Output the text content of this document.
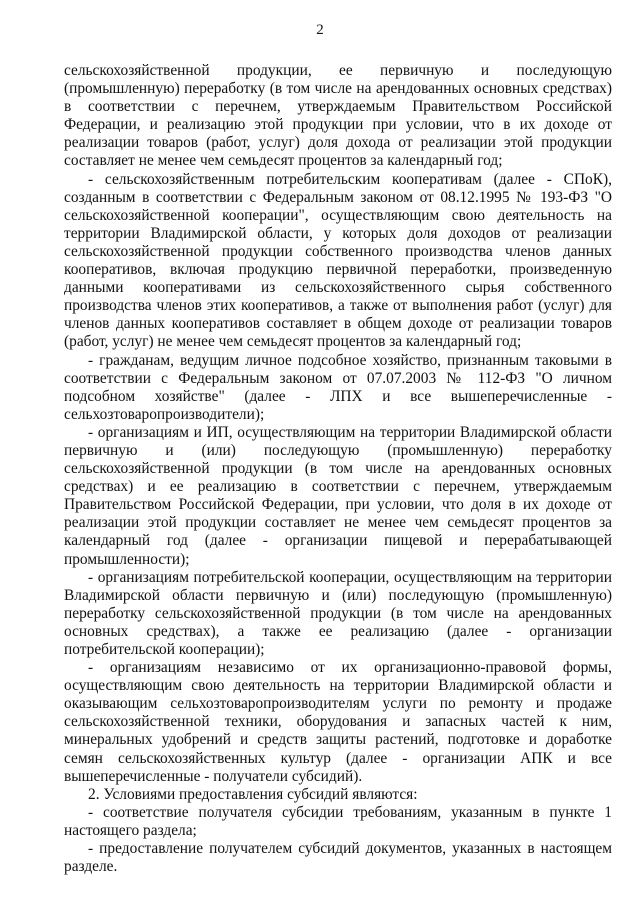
2

сельскохозяйственной продукции, ее первичную и последующую (промышленную) переработку (в том числе на арендованных основных средствах) в соответствии с перечнем, утверждаемым Правительством Российской Федерации, и реализацию этой продукции при условии, что в их доходе от реализации товаров (работ, услуг) доля дохода от реализации этой продукции составляет не менее чем семьдесят процентов за календарный год;

- сельскохозяйственным потребительским кооперативам (далее - СПоК), созданным в соответствии с Федеральным законом от 08.12.1995 № 193-ФЗ "О сельскохозяйственной кооперации", осуществляющим свою деятельность на территории Владимирской области, у которых доля доходов от реализации сельскохозяйственной продукции собственного производства членов данных кооперативов, включая продукцию первичной переработки, произведенную данными кооперативами из сельскохозяйственного сырья собственного производства членов этих кооперативов, а также от выполнения работ (услуг) для членов данных кооперативов составляет в общем доходе от реализации товаров (работ, услуг) не менее чем семьдесят процентов за календарный год;

- гражданам, ведущим личное подсобное хозяйство, признанным таковыми в соответствии с Федеральным законом от 07.07.2003 № 112-ФЗ "О личном подсобном хозяйстве" (далее - ЛПХ и все вышеперечисленные - сельхозтоваропроизводители);

- организациям и ИП, осуществляющим на территории Владимирской области первичную и (или) последующую (промышленную) переработку сельскохозяйственной продукции (в том числе на арендованных основных средствах) и ее реализацию в соответствии с перечнем, утверждаемым Правительством Российской Федерации, при условии, что доля в их доходе от реализации этой продукции составляет не менее чем семьдесят процентов за календарный год (далее - организации пищевой и перерабатывающей промышленности);

- организациям потребительской кооперации, осуществляющим на территории Владимирской области первичную и (или) последующую (промышленную) переработку сельскохозяйственной продукции (в том числе на арендованных основных средствах), а также ее реализацию (далее - организации потребительской кооперации);

- организациям независимо от их организационно-правовой формы, осуществляющим свою деятельность на территории Владимирской области и оказывающим сельхозтоваропроизводителям услуги по ремонту и продаже сельскохозяйственной техники, оборудования и запасных частей к ним, минеральных удобрений и средств защиты растений, подготовке и доработке семян сельскохозяйственных культур (далее - организации АПК и все вышеперечисленные - получатели субсидий).

2. Условиями предоставления субсидий являются:

- соответствие получателя субсидии требованиям, указанным в пункте 1 настоящего раздела;

- предоставление получателем субсидий документов, указанных в настоящем разделе.
